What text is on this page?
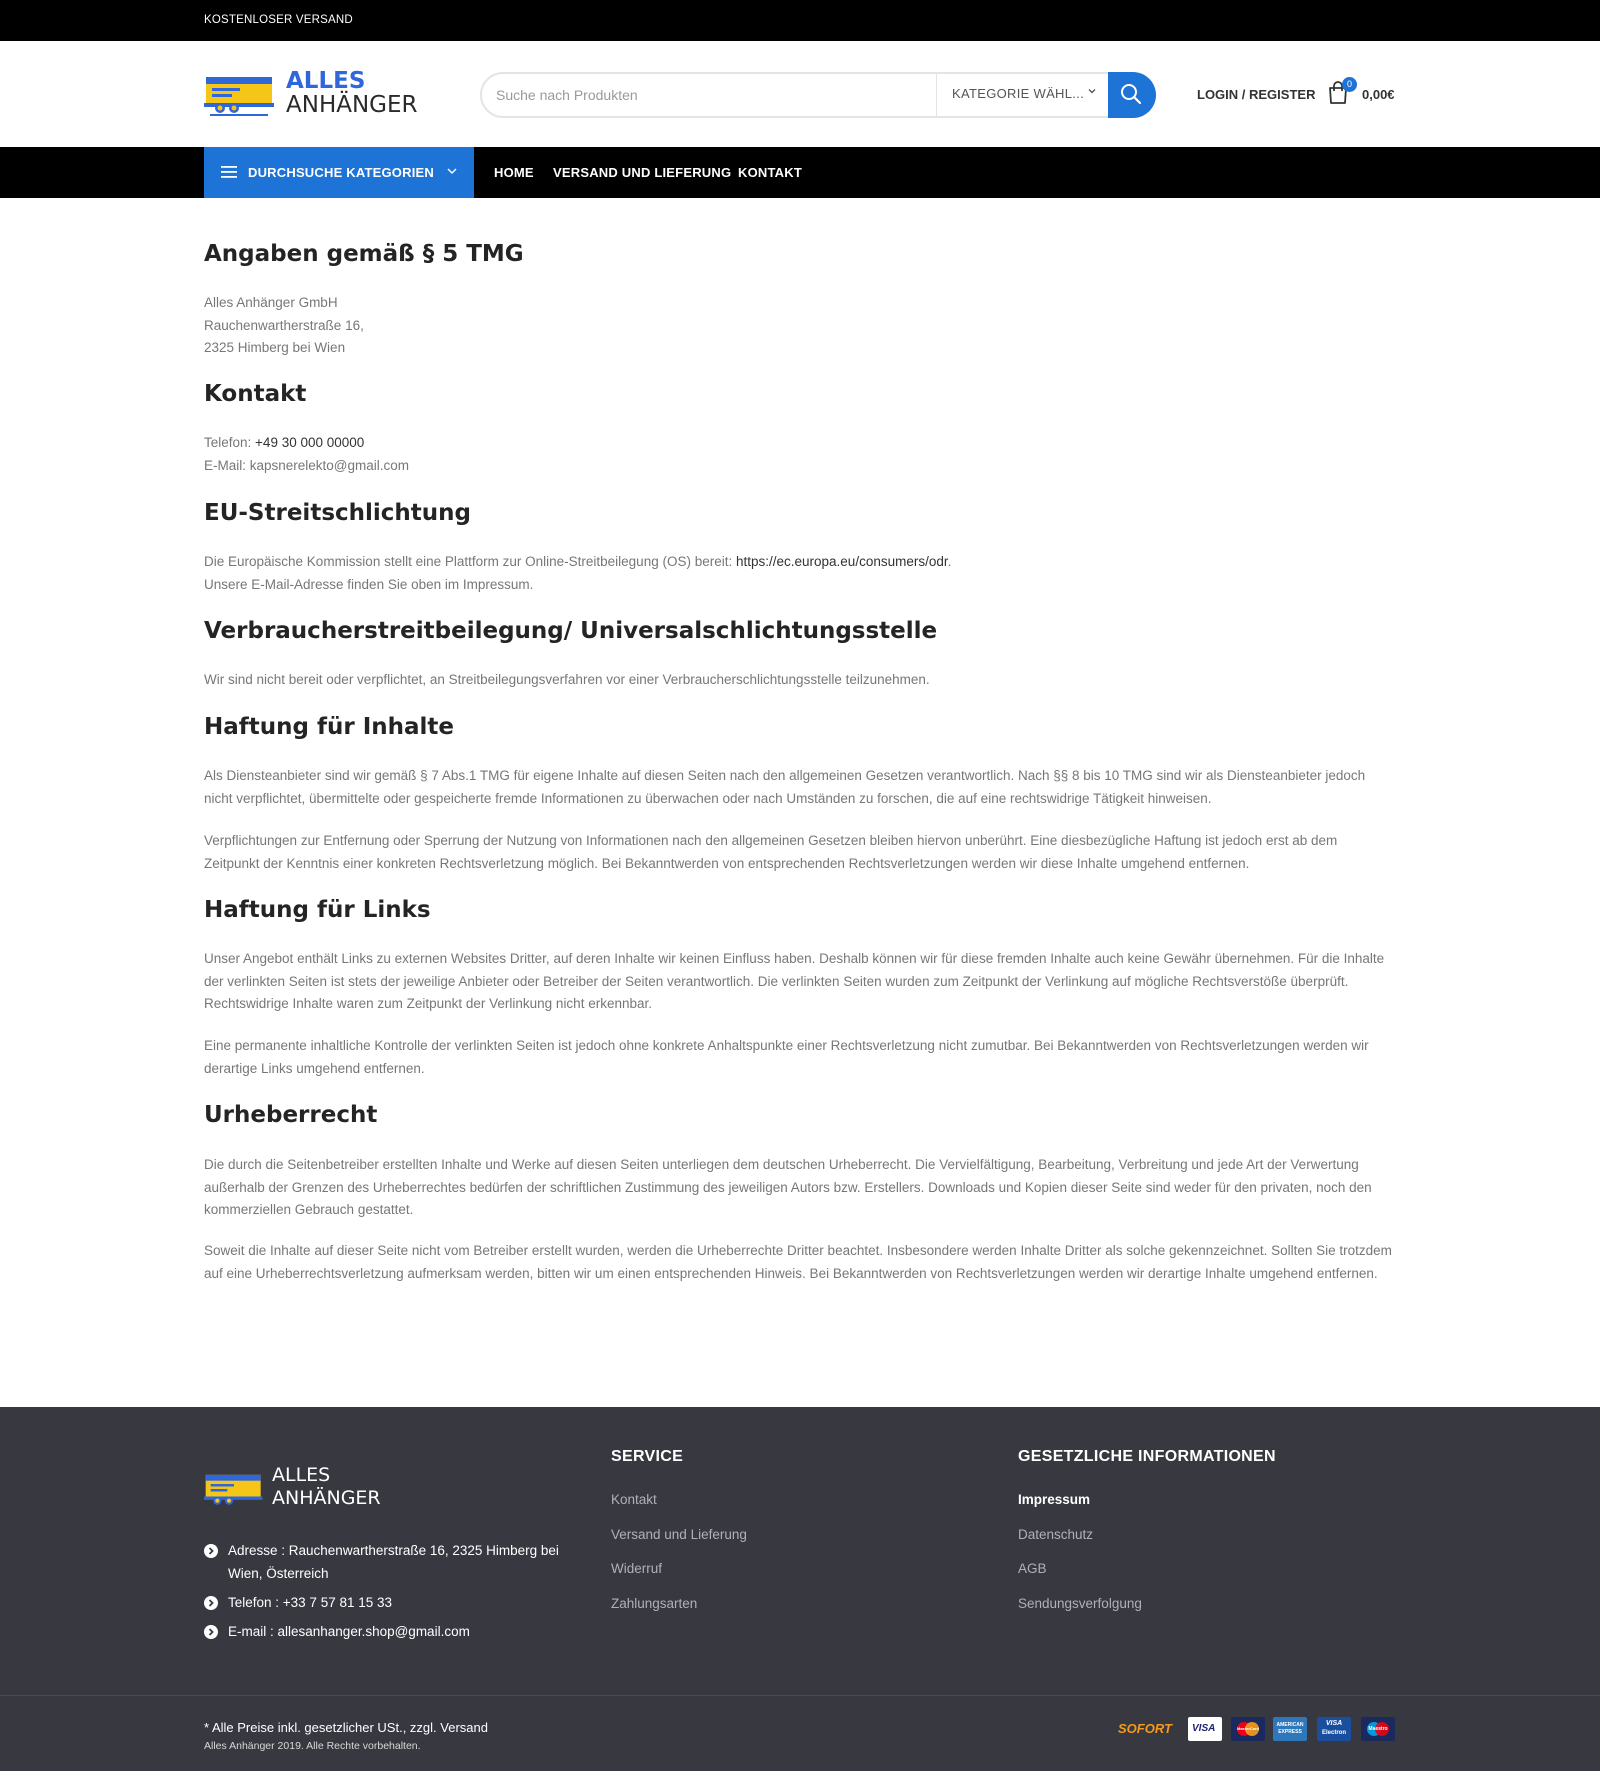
KOSTENLOSER VERSAND
ALLES
ANHÄNGER
Suche nach Produkten	KATEGORIE WÄHL...	LOGIN / REGISTER
0
0,00€
DURCHSUCHE KATEGORIEN	HOME VERSAND UND LIEFERUNG KONTAKT
Angaben gemäß § 5 TMG
Alles Anhänger GmbH
Rauchenwartherstraße 16,
2325 Himberg bei Wien
Kontakt
Telefon: +49 30 000 00000
E-Mail: kapsnerelekto@gmail.com
EU-Streitschlichtung
Die Europäische Kommission stellt eine Plattform zur Online-Streitbeilegung (OS) bereit: https://ec.europa.eu/consumers/odr.
Unsere E-Mail-Adresse finden Sie oben im Impressum.
Verbraucherstreitbeilegung/ Universalschlichtungsstelle
Wir sind nicht bereit oder verpflichtet, an Streitbeilegungsverfahren vor einer Verbraucherschlichtungsstelle teilzunehmen.
Haftung für Inhalte
Als Diensteanbieter sind wir gemäß § 7 Abs.1 TMG für eigene Inhalte auf diesen Seiten nach den allgemeinen Gesetzen verantwortlich. Nach §§ 8 bis 10 TMG sind wir als Diensteanbieter jedoch nicht verpflichtet, übermittelte oder gespeicherte fremde Informationen zu überwachen oder nach Umständen zu forschen, die auf eine rechtswidrige Tätigkeit hinweisen.
Verpflichtungen zur Entfernung oder Sperrung der Nutzung von Informationen nach den allgemeinen Gesetzen bleiben hiervon unberührt. Eine diesbezügliche Haftung ist jedoch erst ab dem Zeitpunkt der Kenntnis einer konkreten Rechtsverletzung möglich. Bei Bekanntwerden von entsprechenden Rechtsverletzungen werden wir diese Inhalte umgehend entfernen.
Haftung für Links
Unser Angebot enthält Links zu externen Websites Dritter, auf deren Inhalte wir keinen Einfluss haben. Deshalb können wir für diese fremden Inhalte auch keine Gewähr übernehmen. Für die Inhalte der verlinkten Seiten ist stets der jeweilige Anbieter oder Betreiber der Seiten verantwortlich. Die verlinkten Seiten wurden zum Zeitpunkt der Verlinkung auf mögliche Rechtsverstöße überprüft. Rechtswidrige Inhalte waren zum Zeitpunkt der Verlinkung nicht erkennbar.
Eine permanente inhaltliche Kontrolle der verlinkten Seiten ist jedoch ohne konkrete Anhaltspunkte einer Rechtsverletzung nicht zumutbar. Bei Bekanntwerden von Rechtsverletzungen werden wir derartige Links umgehend entfernen.
Urheberrecht
Die durch die Seitenbetreiber erstellten Inhalte und Werke auf diesen Seiten unterliegen dem deutschen Urheberrecht. Die Vervielfältigung, Bearbeitung, Verbreitung und jede Art der Verwertung außerhalb der Grenzen des Urheberrechtes bedürfen der schriftlichen Zustimmung des jeweiligen Autors bzw. Erstellers. Downloads und Kopien dieser Seite sind weder für den privaten, noch den kommerziellen Gebrauch gestattet.
Soweit die Inhalte auf dieser Seite nicht vom Betreiber erstellt wurden, werden die Urheberrechte Dritter beachtet. Insbesondere werden Inhalte Dritter als solche gekennzeichnet. Sollten Sie trotzdem auf eine Urheberrechtsverletzung aufmerksam werden, bitten wir um einen entsprechenden Hinweis. Bei Bekanntwerden von Rechtsverletzungen werden wir derartige Inhalte umgehend entfernen.
ALLES
ANHÄNGER
Adresse : Rauchenwartherstraße 16, 2325 Himberg bei Wien, Österreich
Telefon : +33 7 57 81 15 33
E-mail : allesanhanger.shop@gmail.com
SERVICE
Kontakt
Versand und Lieferung
Widerruf
Zahlungsarten
GESETZLICHE INFORMATIONEN
Impressum
Datenschutz
AGB
Sendungsverfolgung
* Alle Preise inkl. gesetzlicher USt., zzgl. Versand
Alles Anhänger 2019. Alle Rechte vorbehalten.
SOFORT VISA	MasterCard
AMERICAN EXPRESS
VISA
Electron
Maestro
